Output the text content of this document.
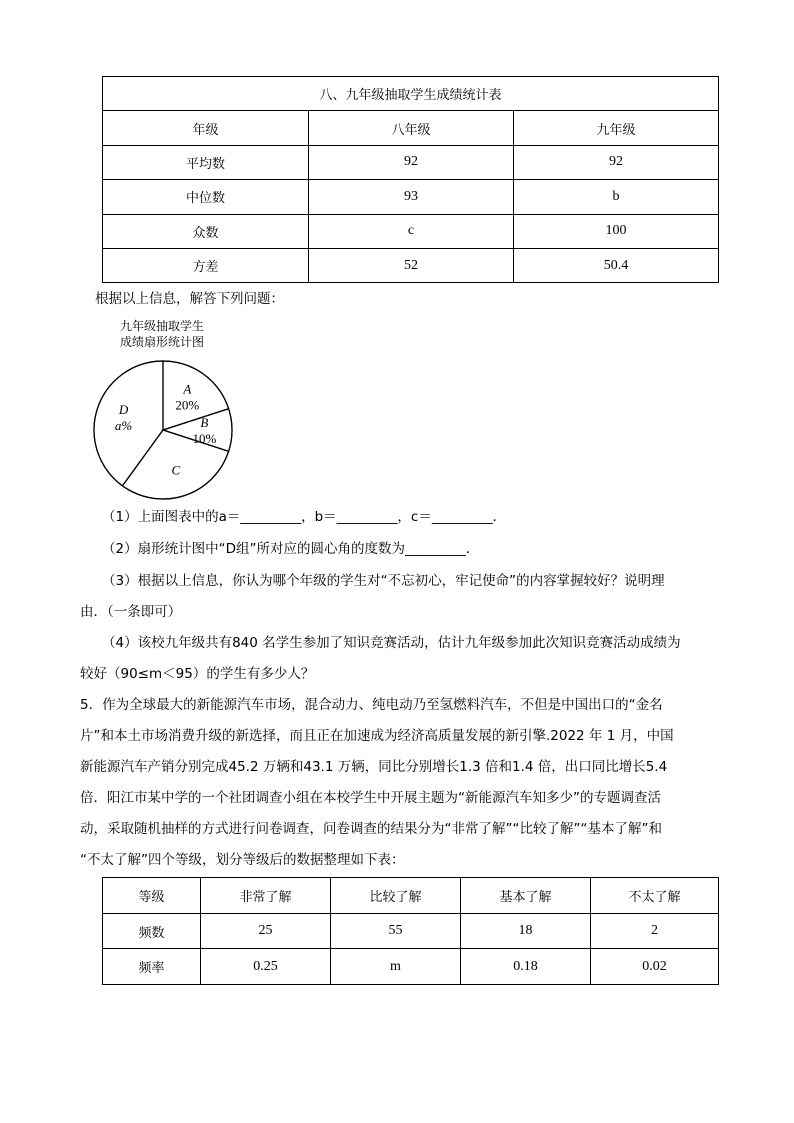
八、九年级抽取学生成绩统计表		
年级	八年级	九年级
平均数	92	92
中位数	93	b
众数	c	100
方差	52	50.4
根据以上信息，解答下列问题：
九年级抽取学生
成绩扇形统计图
A
20%
B
10%
C
D
a%
（1）上面图表中的a＝_________，b＝_________，c＝_________．
（2）扇形统计图中“D组”所对应的圆心角的度数为_________．
（3）根据以上信息，你认为哪个年级的学生对“不忘初心，牢记使命”的内容掌握较好？说明理
由．（一条即可）
（4）该校九年级共有840 名学生参加了知识竞赛活动，估计九年级参加此次知识竞赛活动成绩为
较好（90≤m＜95）的学生有多少人？
5．作为全球最大的新能源汽车市场，混合动力、纯电动乃至氢燃料汽车，不但是中国出口的“金名
片”和本土市场消费升级的新选择，而且正在加速成为经济高质量发展的新引擎.2022 年 1 月，中国
新能源汽车产销分别完成45.2 万辆和43.1 万辆，同比分别增长1.3 倍和1.4 倍，出口同比增长5.4
倍．阳江市某中学的一个社团调查小组在本校学生中开展主题为“新能源汽车知多少”的专题调查活
动，采取随机抽样的方式进行问卷调查，问卷调查的结果分为“非常了解”“比较了解”“基本了解”和
“不太了解”四个等级，划分等级后的数据整理如下表：
等级	非常了解	比较了解	基本了解	不太了解
频数	25	55	18	2
频率	0.25	m	0.18	0.02
